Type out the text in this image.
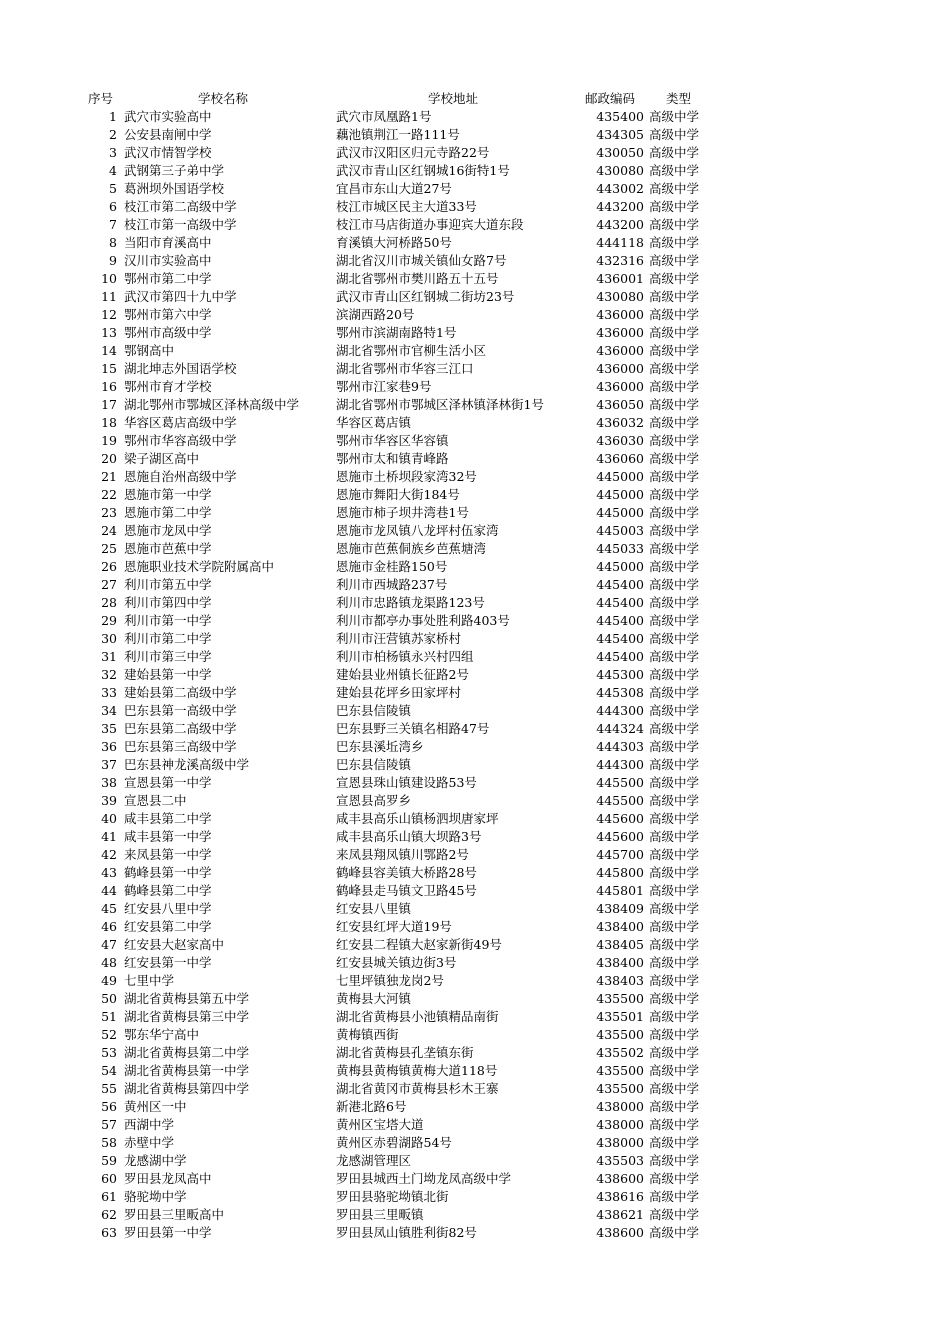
序号	学校名称	学校地址	邮政编码 类型
1 武穴市实验高中	武穴市凤凰路1号	435400 高级中学
2 公安县南闸中学	藕池镇荆江一路111号	434305 高级中学
3 武汉市情智学校	武汉市汉阳区归元寺路22号	430050 高级中学
4 武钢第三子弟中学	武汉市青山区红钢城16街特1号	430080 高级中学
5 葛洲坝外国语学校	宜昌市东山大道27号	443002 高级中学
6 枝江市第二高级中学	枝江市城区民主大道33号	443200 高级中学
7 枝江市第一高级中学	枝江市马店街道办事迎宾大道东段	443200 高级中学
8 当阳市育溪高中	育溪镇大河桥路50号	444118 高级中学
9 汉川市实验高中	湖北省汉川市城关镇仙女路7号	432316 高级中学
10 鄂州市第二中学	湖北省鄂州市樊川路五十五号	436001 高级中学
11 武汉市第四十九中学	武汉市青山区红钢城二街坊23号	430080 高级中学
12 鄂州市第六中学	滨湖西路20号	436000 高级中学
13 鄂州市高级中学	鄂州市滨湖南路特1号	436000 高级中学
14 鄂钢高中	湖北省鄂州市官柳生活小区	436000 高级中学
15 湖北坤志外国语学校	湖北省鄂州市华容三江口	436000 高级中学
16 鄂州市育才学校	鄂州市江家巷9号	436000 高级中学
17 湖北鄂州市鄂城区泽林高级中学	湖北省鄂州市鄂城区泽林镇泽林街1号	436050 高级中学
18 华容区葛店高级中学	华容区葛店镇	436032 高级中学
19 鄂州市华容高级中学	鄂州市华容区华容镇	436030 高级中学
20 梁子湖区高中	鄂州市太和镇青峰路	436060 高级中学
21 恩施自治州高级中学	恩施市土桥坝段家湾32号	445000 高级中学
22 恩施市第一中学	恩施市舞阳大街184号	445000 高级中学
23 恩施市第二中学	恩施市柿子坝井湾巷1号	445000 高级中学
24 恩施市龙凤中学	恩施市龙凤镇八龙坪村伍家湾	445003 高级中学
25 恩施市芭蕉中学	恩施市芭蕉侗族乡芭蕉塘湾	445033 高级中学
26 恩施职业技术学院附属高中	恩施市金桂路150号	445000 高级中学
27 利川市第五中学	利川市西城路237号	445400 高级中学
28 利川市第四中学	利川市忠路镇龙渠路123号	445400 高级中学
29 利川市第一中学	利川市都亭办事处胜利路403号	445400 高级中学
30 利川市第二中学	利川市汪营镇苏家桥村	445400 高级中学
31 利川市第三中学	利川市柏杨镇永兴村四组	445400 高级中学
32 建始县第一中学	建始县业州镇长征路2号	445300 高级中学
33 建始县第二高级中学	建始县花坪乡田家坪村	445308 高级中学
34 巴东县第一高级中学	巴东县信陵镇	444300 高级中学
35 巴东县第二高级中学	巴东县野三关镇名相路47号	444324 高级中学
36 巴东县第三高级中学	巴东县溪坵湾乡	444303 高级中学
37 巴东县神龙溪高级中学	巴东县信陵镇	444300 高级中学
38 宣恩县第一中学	宣恩县珠山镇建设路53号	445500 高级中学
39 宣恩县二中	宣恩县高罗乡	445500 高级中学
40 咸丰县第二中学	咸丰县高乐山镇杨泗坝唐家坪	445600 高级中学
41 咸丰县第一中学	咸丰县高乐山镇大坝路3号	445600 高级中学
42 来凤县第一中学	来凤县翔凤镇川鄂路2号	445700 高级中学
43 鹤峰县第一中学	鹤峰县容美镇大桥路28号	445800 高级中学
44 鹤峰县第二中学	鹤峰县走马镇文卫路45号	445801 高级中学
45 红安县八里中学	红安县八里镇	438409 高级中学
46 红安县第二中学	红安县红坪大道19号	438400 高级中学
47 红安县大赵家高中	红安县二程镇大赵家新街49号	438405 高级中学
48 红安县第一中学	红安县城关镇边街3号	438400 高级中学
49 七里中学	七里坪镇独龙岗2号	438403 高级中学
50 湖北省黄梅县第五中学	黄梅县大河镇	435500 高级中学
51 湖北省黄梅县第三中学	湖北省黄梅县小池镇精品南街	435501 高级中学
52 鄂东华宁高中	黄梅镇西街	435500 高级中学
53 湖北省黄梅县第二中学	湖北省黄梅县孔垄镇东街	435502 高级中学
54 湖北省黄梅县第一中学	黄梅县黄梅镇黄梅大道118号	435500 高级中学
55 湖北省黄梅县第四中学	湖北省黄冈市黄梅县杉木王寨	435500 高级中学
56 黄州区一中	新港北路6号	438000 高级中学
57 西湖中学	黄州区宝塔大道	438000 高级中学
58 赤壁中学	黄州区赤碧湖路54号	438000 高级中学
59 龙感湖中学	龙感湖管理区	435503 高级中学
60 罗田县龙凤高中	罗田县城西土门坳龙凤高级中学	438600 高级中学
61 骆驼坳中学	罗田县骆驼坳镇北街	438616 高级中学
62 罗田县三里畈高中	罗田县三里畈镇	438621 高级中学
63 罗田县第一中学	罗田县凤山镇胜利街82号	438600 高级中学
